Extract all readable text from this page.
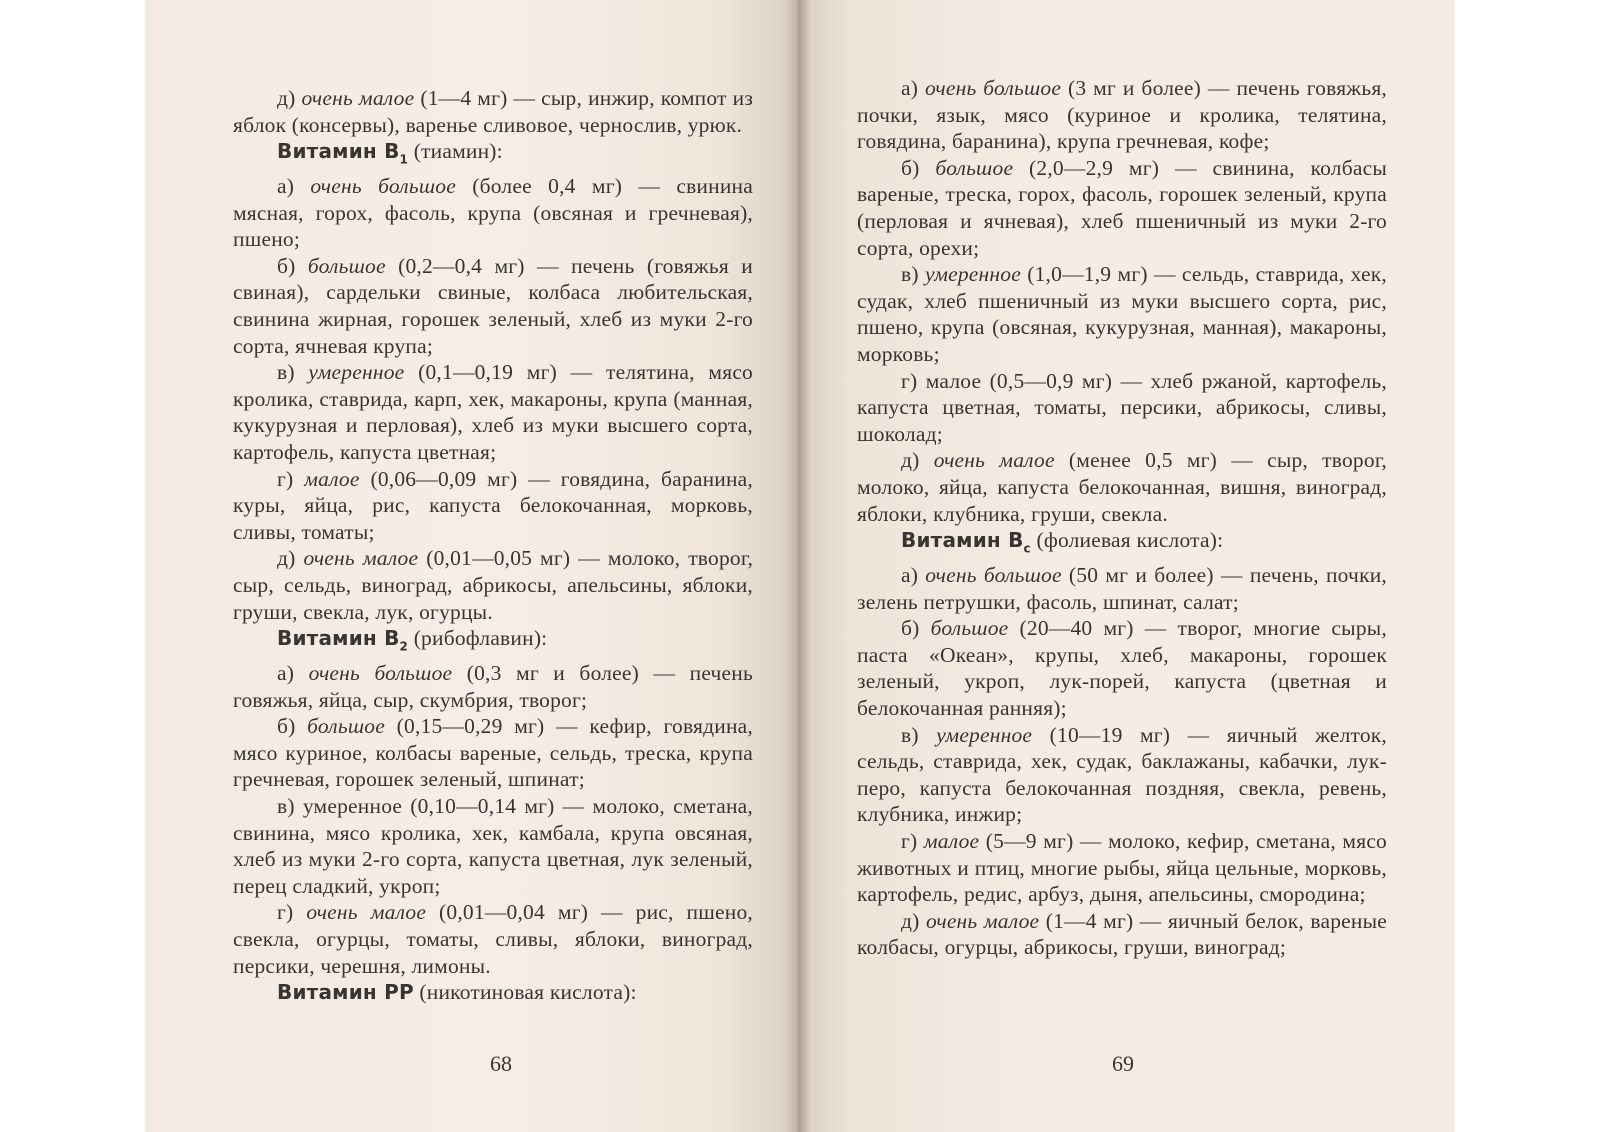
д) очень малое (1—4 мг) — сыр, инжир, компот из яблок (консервы), варенье сливовое, чернослив, урюк.

Витамин $В_1$ (тиамин):

а) очень большое (более 0,4 мг) — свинина мясная, горох, фасоль, крупа (овсяная и гречневая), пшено;

б) большое (0,2—0,4 мг) — печень (говяжья и свиная), сардельки свиные, колбаса любительская, свинина жирная, горошек зеленый, хлеб из муки 2-го сорта, ячневая крупа;

в) умеренное (0,1—0,19 мг) — телятина, мясо кролика, ставрида, карп, хек, макароны, крупа (манная, кукурузная и перловая), хлеб из муки высшего сорта, картофель, капуста цветная;

г) малое (0,06—0,09 мг) — говядина, баранина, куры, яйца, рис, капуста белокочанная, морковь, сливы, томаты;

д) очень малое (0,01—0,05 мг) — молоко, творог, сыр, сельдь, виноград, абрикосы, апельсины, яблоки, груши, свекла, лук, огурцы.

Витамин $В_2$ (рибофлавин):

а) очень большое (0,3 мг и более) — печень говяжья, яйца, сыр, скумбрия, творог;

б) большое (0,15—0,29 мг) — кефир, говядина, мясо куриное, колбасы вареные, сельдь, треска, крупа гречневая, горошек зеленый, шпинат;

в) умеренное (0,10—0,14 мг) — молоко, сметана, свинина, мясо кролика, хек, камбала, крупа овсяная, хлеб из муки 2-го сорта, капуста цветная, лук зеленый, перец сладкий, укроп;

г) очень малое (0,01—0,04 мг) — рис, пшено, свекла, огурцы, томаты, сливы, яблоки, виноград, персики, черешня, лимоны.

Витамин РР (никотиновая кислота):

68

а) очень большое (3 мг и более) — печень говяжья, почки, язык, мясо (куриное и кролика, телятина, говядина, баранина), крупа гречневая, кофе;

б) большое (2,0—2,9 мг) — свинина, колбасы вареные, треска, горох, фасоль, горошек зеленый, крупа (перловая и ячневая), хлеб пшеничный из муки 2-го сорта, орехи;

в) умеренное (1,0—1,9 мг) — сельдь, ставрида, хек, судак, хлеб пшеничный из муки высшего сорта, рис, пшено, крупа (овсяная, кукурузная, манная), макароны, морковь;

г) малое (0,5—0,9 мг) — хлеб ржаной, картофель, капуста цветная, томаты, персики, абрикосы, сливы, шоколад;

д) очень малое (менее 0,5 мг) — сыр, творог, молоко, яйца, капуста белокочанная, вишня, виноград, яблоки, клубника, груши, свекла.

Витамин $В_с$ (фолиевая кислота):

а) очень большое (50 мг и более) — печень, почки, зелень петрушки, фасоль, шпинат, салат;

б) большое (20—40 мг) — творог, многие сыры, паста «Океан», крупы, хлеб, макароны, горошек зеленый, укроп, лук-порей, капуста (цветная и белокочанная ранняя);

в) умеренное (10—19 мг) — яичный желток, сельдь, ставрида, хек, судак, баклажаны, кабачки, лук-перо, капуста белокочанная поздняя, свекла, ревень, клубника, инжир;

г) малое (5—9 мг) — молоко, кефир, сметана, мясо животных и птиц, многие рыбы, яйца цельные, морковь, картофель, редис, арбуз, дыня, апельсины, смородина;

д) очень малое (1—4 мг) — яичный белок, вареные колбасы, огурцы, абрикосы, груши, виноград;

69
